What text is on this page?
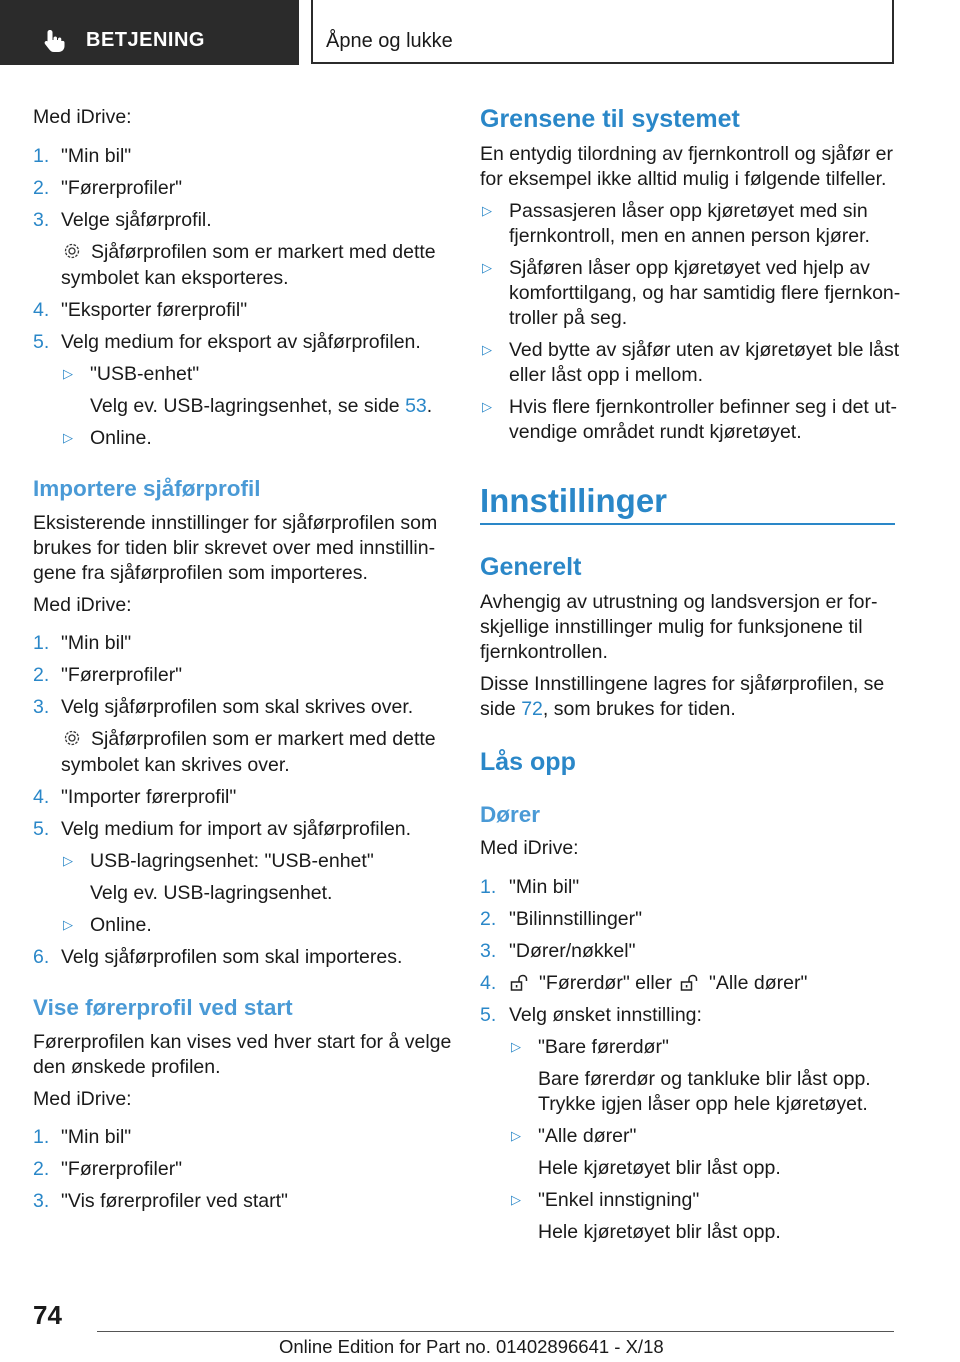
BETJENING	Åpne og lukke
Med iDrive:
1. "Min bil"
2. "Førerprofiler"
3. Velge sjåførprofil.
Sjåførprofilen som er markert med dette
symbolet kan eksporteres.
4. "Eksporter førerprofil"
5. Velg medium for eksport av sjåførprofilen.
▷ "USB-enhet"
Velg ev. USB-lagringsenhet, se side 53.
▷ Online.
Importere sjåførprofil
Eksisterende innstillinger for sjåførprofilen som
brukes for tiden blir skrevet over med innstillin-
gene fra sjåførprofilen som importeres.
Med iDrive:
1. "Min bil"
2. "Førerprofiler"
3. Velg sjåførprofilen som skal skrives over.
Sjåførprofilen som er markert med dette
symbolet kan skrives over.
4. "Importer førerprofil"
5. Velg medium for import av sjåførprofilen.
▷ USB-lagringsenhet: "USB-enhet"
Velg ev. USB-lagringsenhet.
▷ Online.
6. Velg sjåførprofilen som skal importeres.
Vise førerprofil ved start
Førerprofilen kan vises ved hver start for å velge
den ønskede profilen.
Med iDrive:
1. "Min bil"
2. "Førerprofiler"
3. "Vis førerprofiler ved start"
Grensene til systemet
En entydig tilordning av fjernkontroll og sjåfør er
for eksempel ikke alltid mulig i følgende tilfeller.
▷ Passasjeren låser opp kjøretøyet med sin
fjernkontroll, men en annen person kjører.
▷ Sjåføren låser opp kjøretøyet ved hjelp av
komforttilgang, og har samtidig flere fjernkon-
troller på seg.
▷ Ved bytte av sjåfør uten av kjøretøyet ble låst
eller låst opp i mellom.
▷ Hvis flere fjernkontroller befinner seg i det ut-
vendige området rundt kjøretøyet.
Innstillinger
Generelt
Avhengig av utrustning og landsversjon er for-
skjellige innstillinger mulig for funksjonene til
fjernkontrollen.
Disse Innstillingene lagres for sjåførprofilen, se
side 72, som brukes for tiden.
Lås opp
Dører
Med iDrive:
1. "Min bil"
2. "Bilinnstillinger"
3. "Dører/nøkkel"
4. "Førerdør" eller "Alle dører"
5. Velg ønsket innstilling:
▷ "Bare førerdør"
Bare førerdør og tankluke blir låst opp.
Trykke igjen låser opp hele kjøretøyet.
▷ "Alle dører"
Hele kjøretøyet blir låst opp.
▷ "Enkel innstigning"
Hele kjøretøyet blir låst opp.
74
Online Edition for Part no. 01402896641 - X/18
